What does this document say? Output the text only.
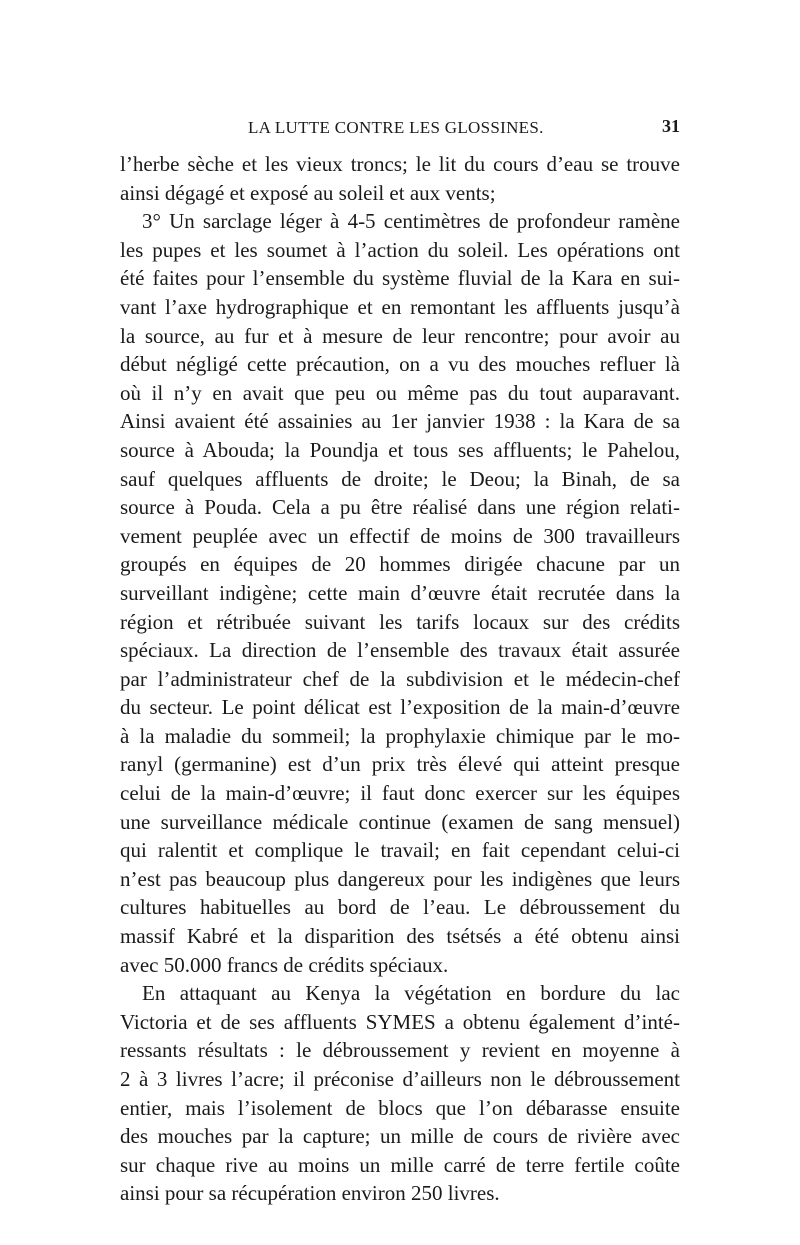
LA LUTTE CONTRE LES GLOSSINES.	31
l’herbe sèche et les vieux troncs; le lit du cours d’eau se trouve
ainsi dégagé et exposé au soleil et aux vents;
3° Un sarclage léger à 4-5 centimètres de profondeur ramène
les pupes et les soumet à l’action du soleil. Les opérations ont
été faites pour l’ensemble du système fluvial de la Kara en sui-
vant l’axe hydrographique et en remontant les affluents jusqu’à
la source, au fur et à mesure de leur rencontre; pour avoir au
début négligé cette précaution, on a vu des mouches refluer là
où il n’y en avait que peu ou même pas du tout auparavant.
Ainsi avaient été assainies au 1er janvier 1938 : la Kara de sa
source à Abouda; la Poundja et tous ses affluents; le Pahelou,
sauf quelques affluents de droite; le Deou; la Binah, de sa
source à Pouda. Cela a pu être réalisé dans une région relati-
vement peuplée avec un effectif de moins de 300 travailleurs
groupés en équipes de 20 hommes dirigée chacune par un
surveillant indigène; cette main d’œuvre était recrutée dans la
région et rétribuée suivant les tarifs locaux sur des crédits
spéciaux. La direction de l’ensemble des travaux était assurée
par l’administrateur chef de la subdivision et le médecin-chef
du secteur. Le point délicat est l’exposition de la main-d’œuvre
à la maladie du sommeil; la prophylaxie chimique par le mo-
ranyl (germanine) est d’un prix très élevé qui atteint presque
celui de la main-d’œuvre; il faut donc exercer sur les équipes
une surveillance médicale continue (examen de sang mensuel)
qui ralentit et complique le travail; en fait cependant celui-ci
n’est pas beaucoup plus dangereux pour les indigènes que leurs
cultures habituelles au bord de l’eau. Le débroussement du
massif Kabré et la disparition des tsétsés a été obtenu ainsi
avec 50.000 francs de crédits spéciaux.
En attaquant au Kenya la végétation en bordure du lac
Victoria et de ses affluents SYMES a obtenu également d’inté-
ressants résultats : le débroussement y revient en moyenne à
2 à 3 livres l’acre; il préconise d’ailleurs non le débroussement
entier, mais l’isolement de blocs que l’on débarasse ensuite
des mouches par la capture; un mille de cours de rivière avec
sur chaque rive au moins un mille carré de terre fertile coûte
ainsi pour sa récupération environ 250 livres.
